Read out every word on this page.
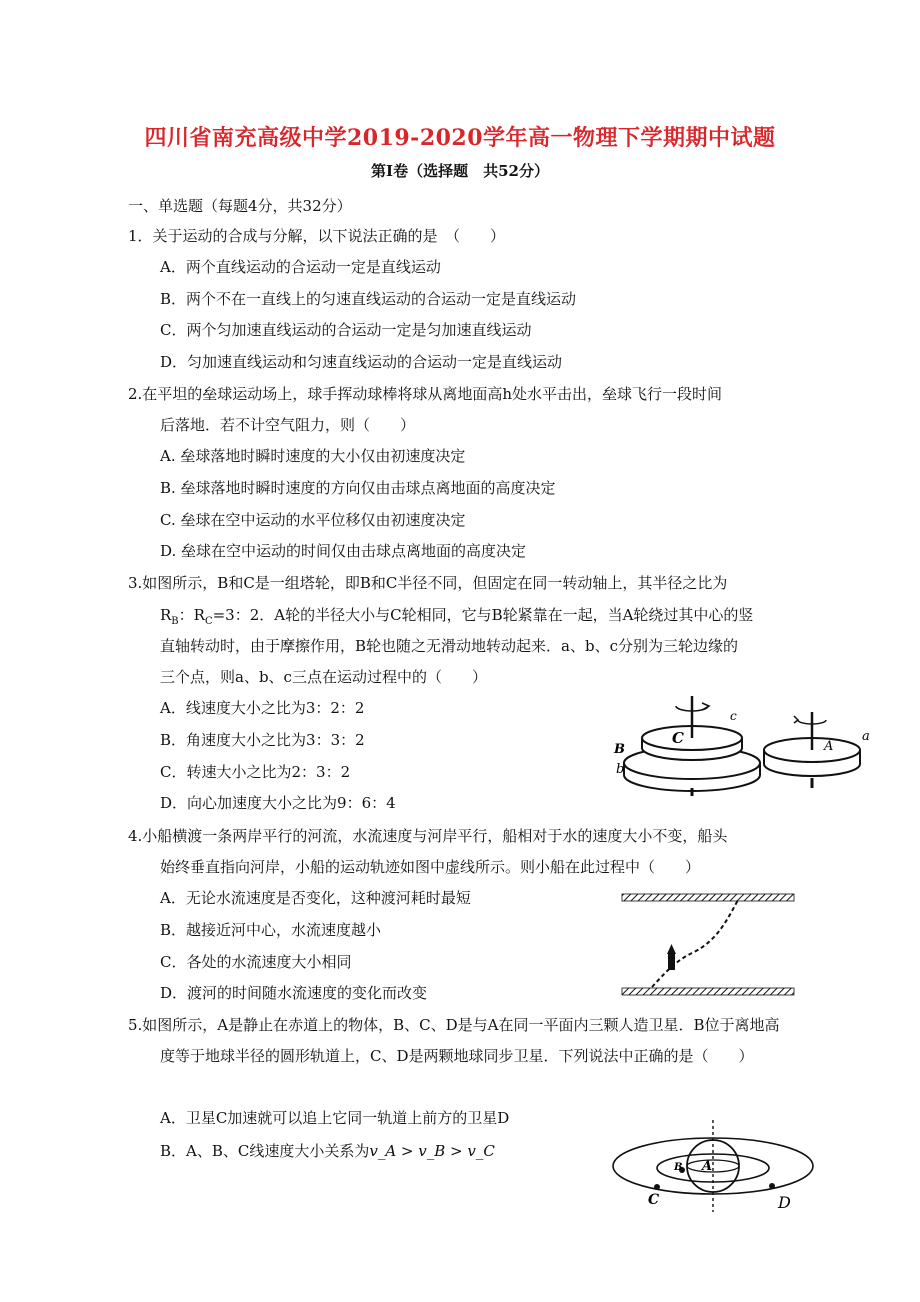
四川省南充高级中学2019-2020学年高一物理下学期期中试题
第Ⅰ卷（选择题　共52分）
一、单选题（每题4分，共32分）
1．关于运动的合成与分解，以下说法正确的是　（　　）
A．两个直线运动的合运动一定是直线运动
B．两个不在一直线上的匀速直线运动的合运动一定是直线运动
C．两个匀加速直线运动的合运动一定是匀加速直线运动
D．匀加速直线运动和匀速直线运动的合运动一定是直线运动
2.在平坦的垒球运动场上，球手挥动球棒将球从离地面高h处水平击出，垒球飞行一段时间
后落地．若不计空气阻力，则（　　）
A. 垒球落地时瞬时速度的大小仅由初速度决定
B. 垒球落地时瞬时速度的方向仅由击球点离地面的高度决定
C. 垒球在空中运动的水平位移仅由初速度决定
D. 垒球在空中运动的时间仅由击球点离地面的高度决定
3.如图所示，B和C是一组塔轮，即B和C半径不同，但固定在同一转动轴上，其半径之比为
$R_B$：$R_C=3$：2．A轮的半径大小与C轮相同，它与B轮紧靠在一起，当A轮绕过其中心的竖
直轴转动时，由于摩擦作用，B轮也随之无滑动地转动起来．a、b、c分别为三轮边缘的
三个点，则a、b、c三点在运动过程中的（　　）
A．线速度大小之比为3：2：2
B．角速度大小之比为3：3：2
C．转速大小之比为2：3：2
D．向心加速度大小之比为9：6：4
C
c
B
b
A
a
4.小船横渡一条两岸平行的河流，水流速度与河岸平行，船相对于水的速度大小不变，船头
始终垂直指向河岸，小船的运动轨迹如图中虚线所示。则小船在此过程中（　　）
A．无论水流速度是否变化，这种渡河耗时最短
B．越接近河中心，水流速度越小
C．各处的水流速度大小相同
D．渡河的时间随水流速度的变化而改变
5.如图所示，A是静止在赤道上的物体，B、C、D是与A在同一平面内三颗人造卫星．B位于离地高
度等于地球半径的圆形轨道上，C、D是两颗地球同步卫星．下列说法中正确的是（　　）
A．卫星C加速就可以追上它同一轨道上前方的卫星D
B．A、B、C线速度大小关系为v_A > v_B > v_C
A
B
C	D
